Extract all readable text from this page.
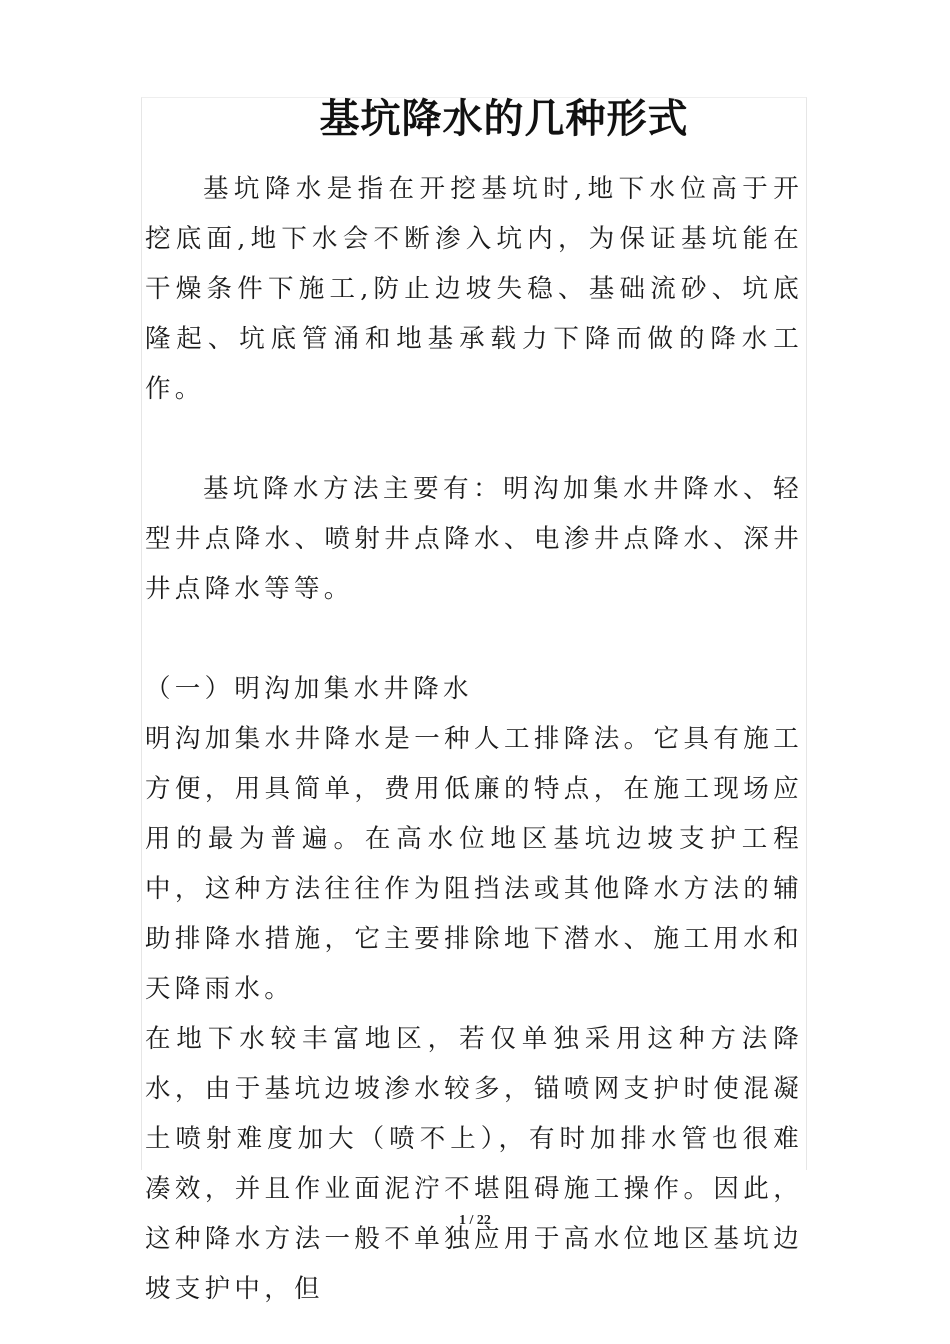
基坑降水的几种形式

基坑降水是指在开挖基坑时,地下水位高于开挖底面,地下水会不断渗入坑内，为保证基坑能在干燥条件下施工,防止边坡失稳、基础流砂、坑底隆起、坑底管涌和地基承载力下降而做的降水工作。

基坑降水方法主要有：明沟加集水井降水、轻型井点降水、喷射井点降水、电渗井点降水、深井井点降水等等。

（一）明沟加集水井降水

明沟加集水井降水是一种人工排降法。它具有施工方便，用具简单，费用低廉的特点，在施工现场应用的最为普遍。在高水位地区基坑边坡支护工程中，这种方法往往作为阻挡法或其他降水方法的辅助排降水措施，它主要排除地下潜水、施工用水和天降雨水。

在地下水较丰富地区，若仅单独采用这种方法降水，由于基坑边坡渗水较多，锚喷网支护时使混凝土喷射难度加大（喷不上），有时加排水管也很难凑效，并且作业面泥泞不堪阻碍施工操作。因此，这种降水方法一般不单独应用于高水位地区基坑边坡支护中，但

1 / 22
